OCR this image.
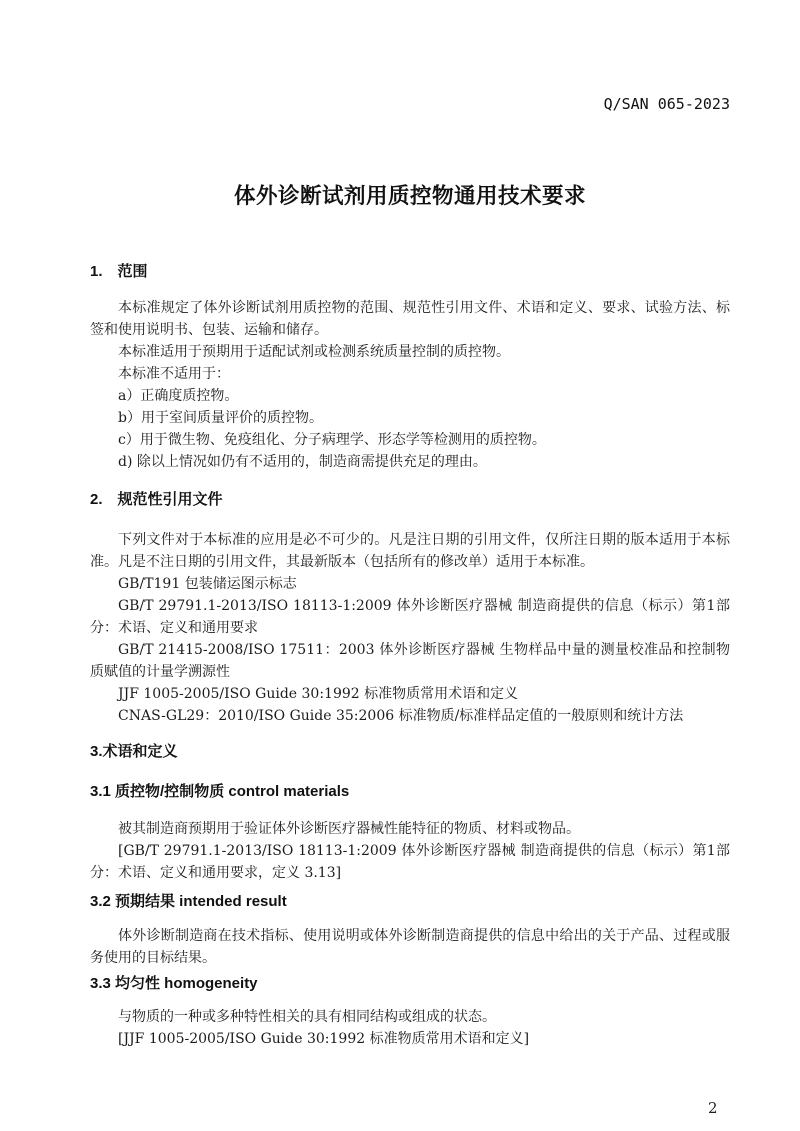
Q/SAN 065-2023
体外诊断试剂用质控物通用技术要求
1.　范围

本标准规定了体外诊断试剂用质控物的范围、规范性引用文件、术语和定义、要求、试验方法、标签和使用说明书、包装、运输和储存。

本标准适用于预期用于适配试剂或检测系统质量控制的质控物。

本标准不适用于：

a）正确度质控物。

b）用于室间质量评价的质控物。

c）用于微生物、免疫组化、分子病理学、形态学等检测用的质控物。

d) 除以上情况如仍有不适用的，制造商需提供充足的理由。

2.　规范性引用文件

下列文件对于本标准的应用是必不可少的。凡是注日期的引用文件，仅所注日期的版本适用于本标准。凡是不注日期的引用文件，其最新版本（包括所有的修改单）适用于本标准。

GB/T191 包装储运图示标志

GB/T 29791.1-2013/ISO 18113-1:2009 体外诊断医疗器械 制造商提供的信息（标示）第1部分：术语、定义和通用要求

GB/T 21415-2008/ISO 17511：2003 体外诊断医疗器械 生物样品中量的测量校准品和控制物质赋值的计量学溯源性

JJF 1005-2005/ISO Guide 30:1992 标准物质常用术语和定义

CNAS-GL29：2010/ISO Guide 35:2006 标准物质/标准样品定值的一般原则和统计方法

3.术语和定义
3.1 质控物/控制物质 control materials

被其制造商预期用于验证体外诊断医疗器械性能特征的物质、材料或物品。

[GB/T 29791.1-2013/ISO 18113-1:2009 体外诊断医疗器械 制造商提供的信息（标示）第1部分：术语、定义和通用要求，定义 3.13]

3.2 预期结果 intended result

体外诊断制造商在技术指标、使用说明或体外诊断制造商提供的信息中给出的关于产品、过程或服务使用的目标结果。

3.3 均匀性 homogeneity

与物质的一种或多种特性相关的具有相同结构或组成的状态。

[JJF 1005-2005/ISO Guide 30:1992 标准物质常用术语和定义]

2
